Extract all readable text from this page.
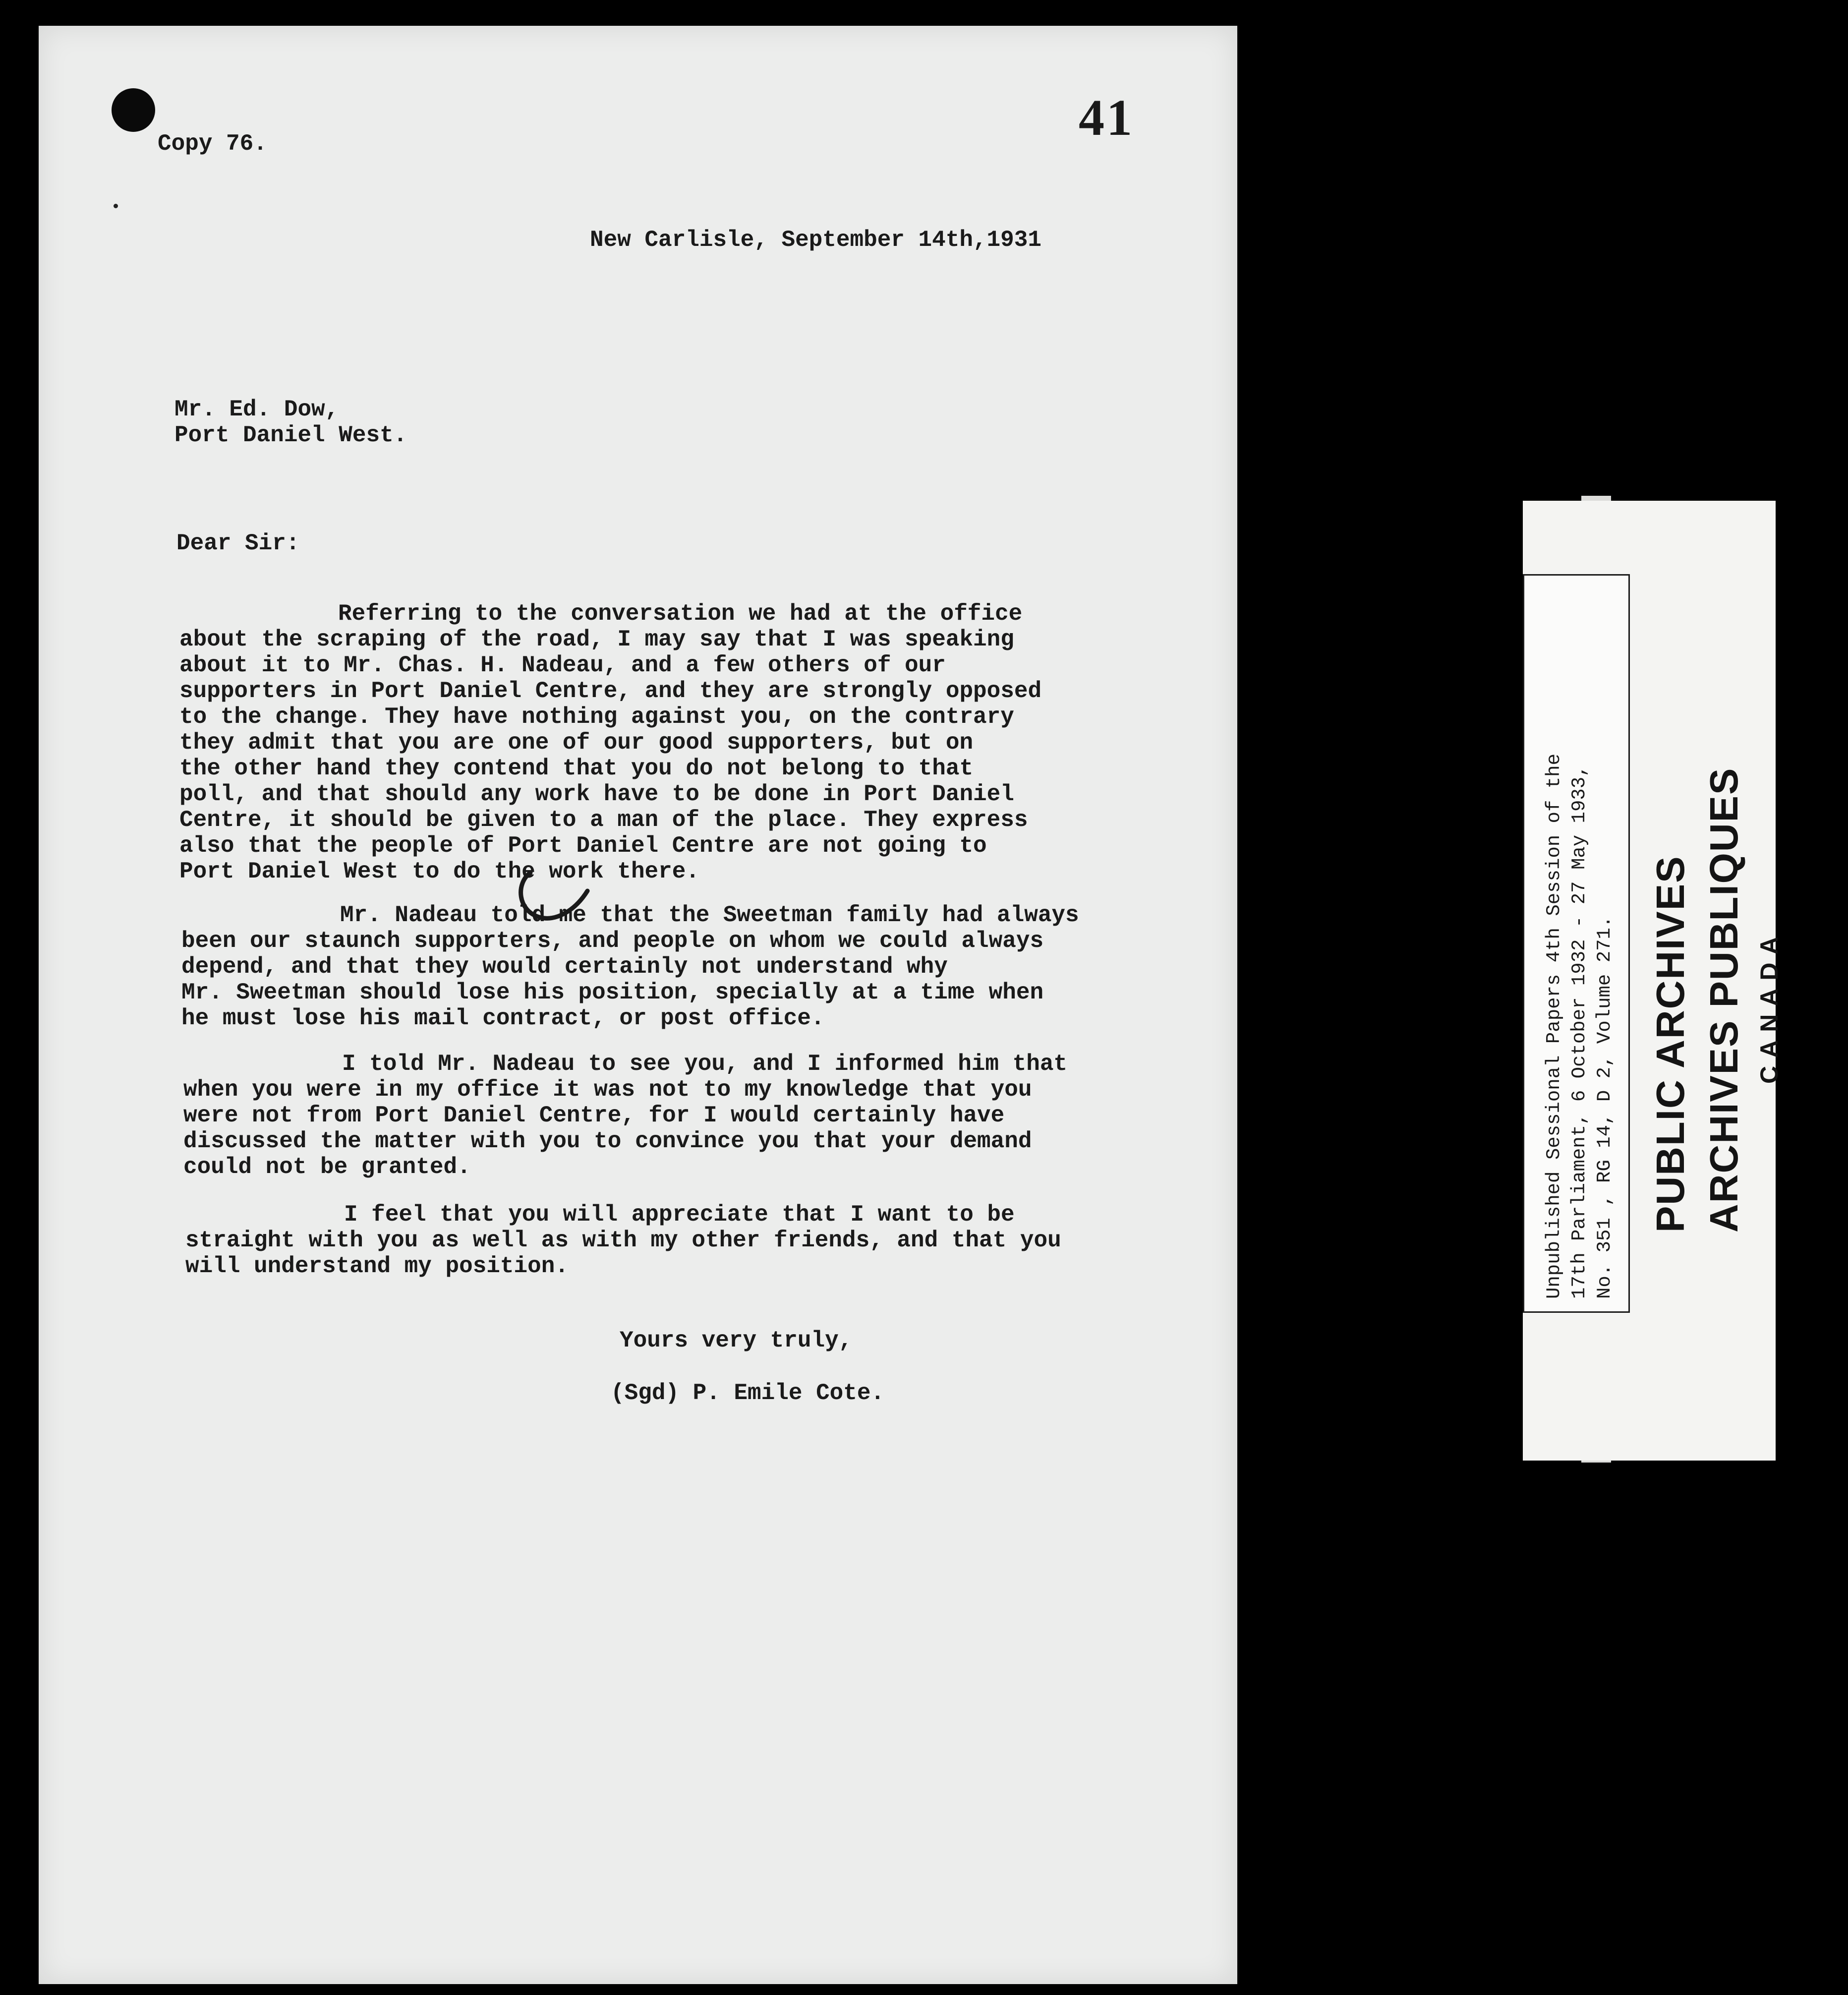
41

Copy 76.

New Carlisle, September 14th,1931

Mr. Ed. Dow,
Port Daniel West.

Dear Sir:

Referring to the conversation we had at the office
about the scraping of the road, I may say that I was speaking
about it to Mr. Chas. H. Nadeau, and a few others of our
supporters in Port Daniel Centre, and they are strongly opposed
to the change. They have nothing against you, on the contrary
they admit that you are one of our good supporters, but on
the other hand they contend that you do not belong to that
poll, and that should any work have to be done in Port Daniel
Centre, it should be given to a man of the place. They express
also that the people of Port Daniel Centre are not going to
Port Daniel West to do the work there.
Mr. Nadeau told me that the Sweetman family had always
been our staunch supporters, and people on whom we could always
depend, and that they would certainly not understand why
Mr. Sweetman should lose his position, specially at a time when
he must lose his mail contract, or post office.
I told Mr. Nadeau to see you, and I informed him that
when you were in my office it was not to my knowledge that you
were not from Port Daniel Centre, for I would certainly have
discussed the matter with you to convince you that your demand
could not be granted.
I feel that you will appreciate that I want to be
straight with you as well as with my other friends, and that you
will understand my position.

Yours very truly,

(Sgd) P. Emile Cote.

Unpublished Sessional Papers 4th Session of the 17th Parliament, 6 October 1932 - 27 May 1933, No. 351 , RG 14, D 2, Volume 271. PUBLIC ARCHIVES ARCHIVES PUBLIQUES CANADA
